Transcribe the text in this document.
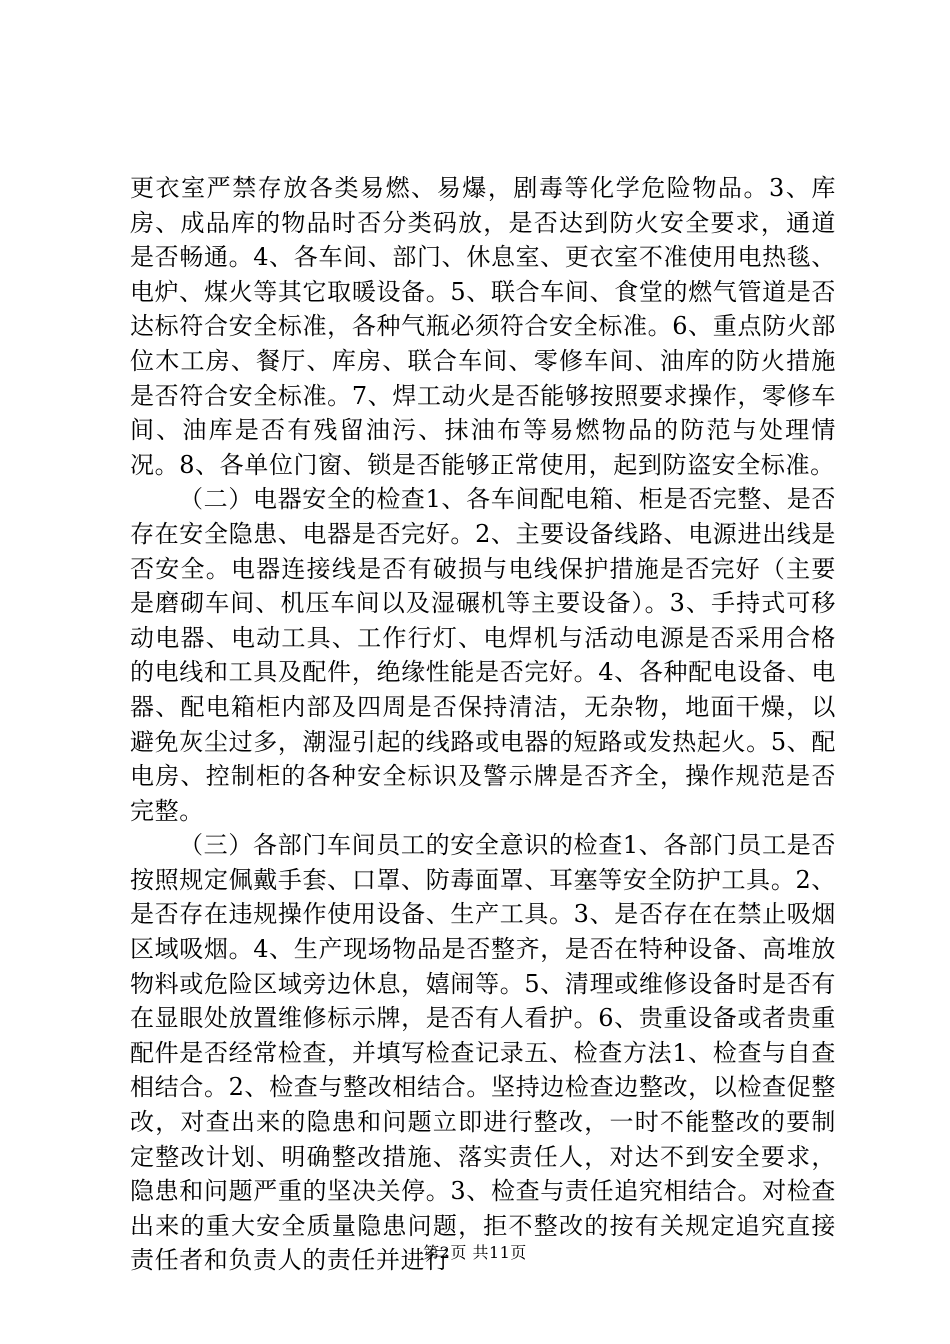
更衣室严禁存放各类易燃、易爆，剧毒等化学危险物品。3、库房、成品库的物品时否分类码放，是否达到防火安全要求，通道是否畅通。4、各车间、部门、休息室、更衣室不准使用电热毯、电炉、煤火等其它取暖设备。5、联合车间、食堂的燃气管道是否达标符合安全标准，各种气瓶必须符合安全标准。6、重点防火部位木工房、餐厅、库房、联合车间、零修车间、油库的防火措施是否符合安全标准。7、焊工动火是否能够按照要求操作，零修车间、油库是否有残留油污、抹油布等易燃物品的防范与处理情况。8、各单位门窗、锁是否能够正常使用，起到防盗安全标准。

（二）电器安全的检查1、各车间配电箱、柜是否完整、是否存在安全隐患、电器是否完好。2、主要设备线路、电源进出线是否安全。电器连接线是否有破损与电线保护措施是否完好（主要是磨砌车间、机压车间以及湿碾机等主要设备）。3、手持式可移动电器、电动工具、工作行灯、电焊机与活动电源是否采用合格的电线和工具及配件，绝缘性能是否完好。4、各种配电设备、电器、配电箱柜内部及四周是否保持清洁，无杂物，地面干燥，以避免灰尘过多，潮湿引起的线路或电器的短路或发热起火。5、配电房、控制柜的各种安全标识及警示牌是否齐全，操作规范是否完整。

（三）各部门车间员工的安全意识的检查1、各部门员工是否按照规定佩戴手套、口罩、防毒面罩、耳塞等安全防护工具。2、是否存在违规操作使用设备、生产工具。3、是否存在在禁止吸烟区域吸烟。4、生产现场物品是否整齐，是否在特种设备、高堆放物料或危险区域旁边休息，嬉闹等。5、清理或维修设备时是否有在显眼处放置维修标示牌，是否有人看护。6、贵重设备或者贵重配件是否经常检查，并填写检查记录五、检查方法1、检查与自查相结合。2、检查与整改相结合。坚持边检查边整改，以检查促整改，对查出来的隐患和问题立即进行整改，一时不能整改的要制定整改计划、明确整改措施、落实责任人，对达不到安全要求，隐患和问题严重的坚决关停。3、检查与责任追究相结合。对检查出来的重大安全质量隐患问题，拒不整改的按有关规定追究直接责任者和负责人的责任并进行

第2页 共11页
